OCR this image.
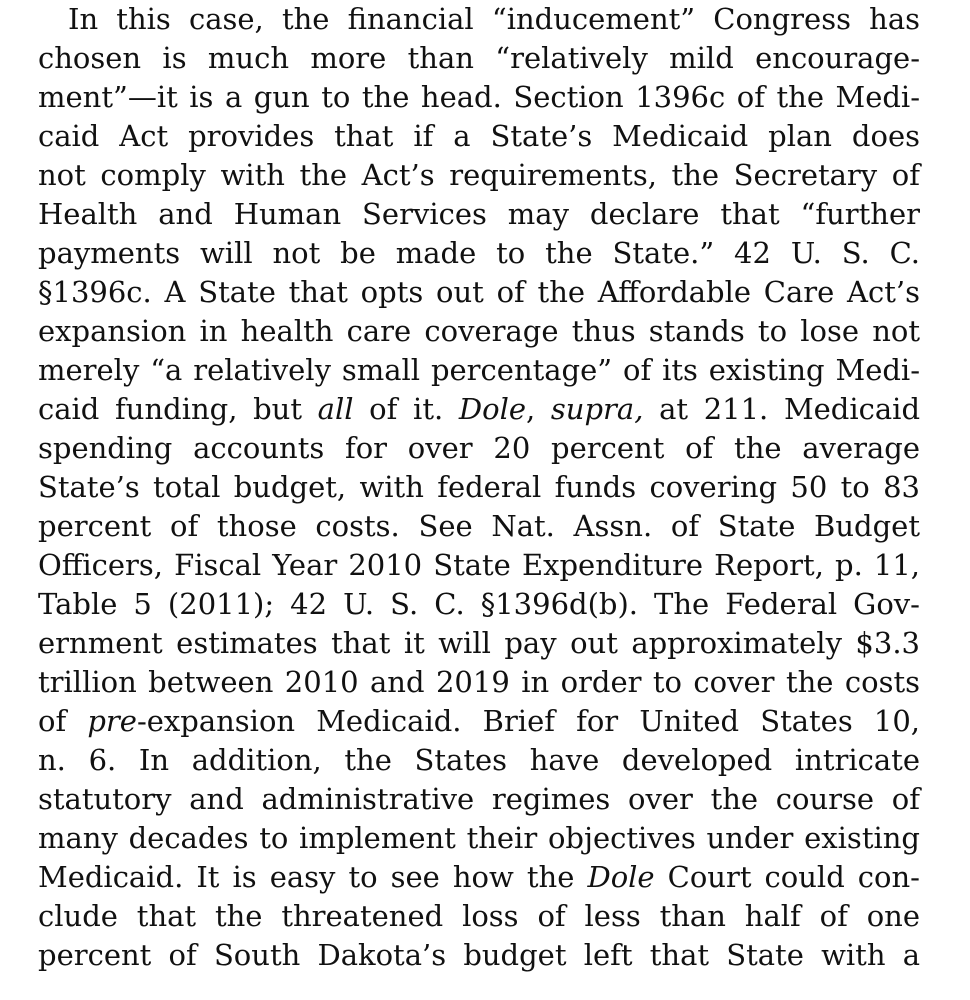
In this case, the financial “inducement” Congress has
chosen is much more than “relatively mild encourage-
ment”—it is a gun to the head. Section 1396c of the Medi-
caid Act provides that if a State’s Medicaid plan does
not comply with the Act’s requirements, the Secretary of
Health and Human Services may declare that “further
payments will not be made to the State.” 42 U. S. C.
§1396c. A State that opts out of the Affordable Care Act’s
expansion in health care coverage thus stands to lose not
merely “a relatively small percentage” of its existing Medi-
caid funding, but all of it. Dole, supra, at 211. Medicaid
spending accounts for over 20 percent of the average
State’s total budget, with federal funds covering 50 to 83
percent of those costs. See Nat. Assn. of State Budget
Officers, Fiscal Year 2010 State Expenditure Report, p. 11,
Table 5 (2011); 42 U. S. C. §1396d(b). The Federal Gov-
ernment estimates that it will pay out approximately $3.3
trillion between 2010 and 2019 in order to cover the costs
of pre-expansion Medicaid. Brief for United States 10,
n. 6. In addition, the States have developed intricate
statutory and administrative regimes over the course of
many decades to implement their objectives under existing
Medicaid. It is easy to see how the Dole Court could con-
clude that the threatened loss of less than half of one
percent of South Dakota’s budget left that State with a
